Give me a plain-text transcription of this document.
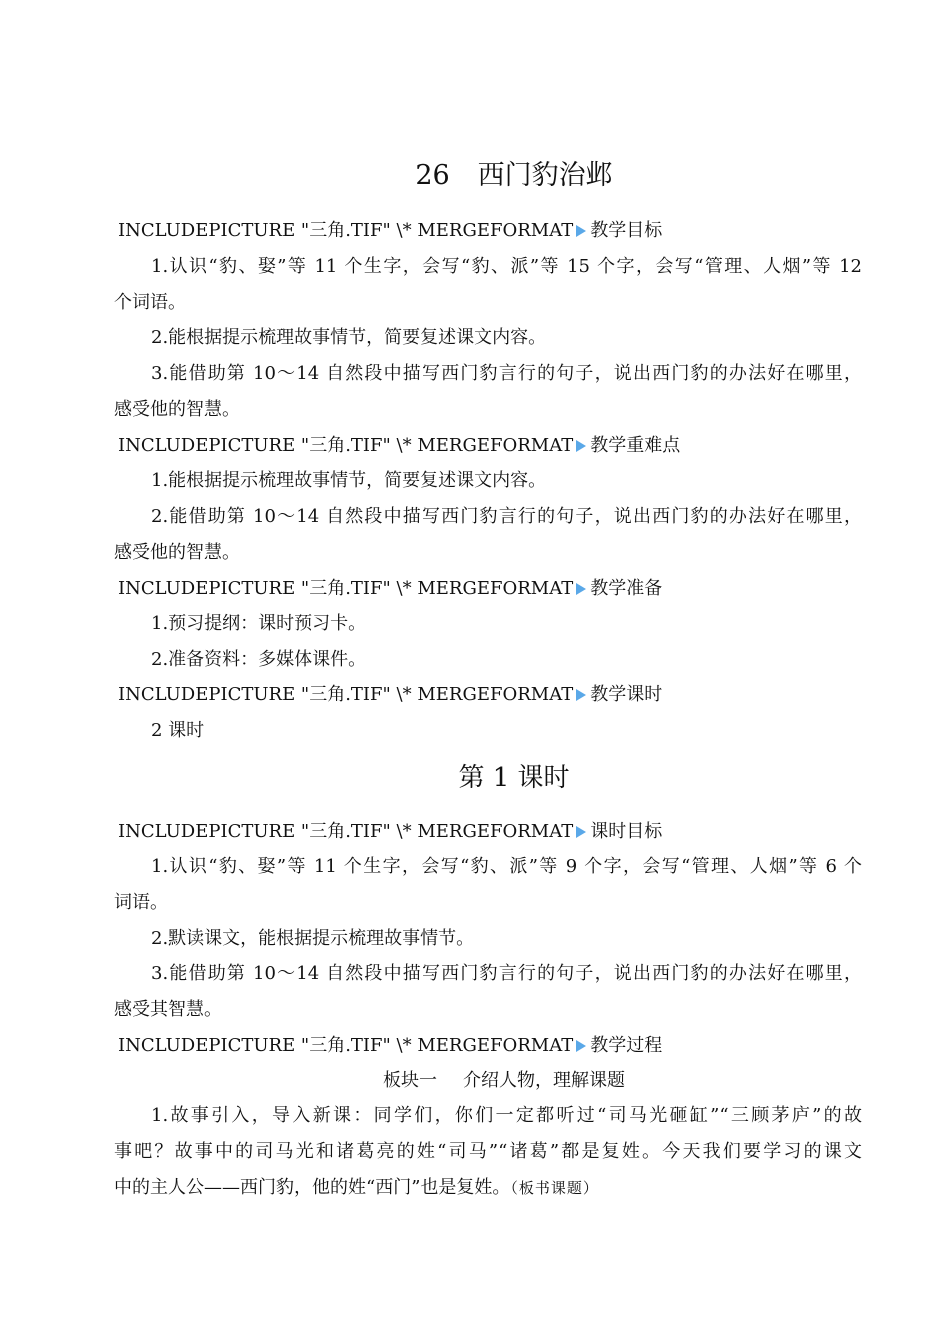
26 西门豹治邺
INCLUDEPICTURE "三角.TIF" \* MERGEFORMAT 教学目标
1.认识“豹、娶”等 11 个生字，会写“豹、派”等 15 个字，会写“管理、人烟”等 12
个词语。
2.能根据提示梳理故事情节，简要复述课文内容。
3.能借助第 10～14 自然段中描写西门豹言行的句子，说出西门豹的办法好在哪里，
感受他的智慧。
INCLUDEPICTURE "三角.TIF" \* MERGEFORMAT 教学重难点
1.能根据提示梳理故事情节，简要复述课文内容。
2.能借助第 10～14 自然段中描写西门豹言行的句子，说出西门豹的办法好在哪里，
感受他的智慧。
INCLUDEPICTURE "三角.TIF" \* MERGEFORMAT 教学准备
1.预习提纲：课时预习卡。
2.准备资料：多媒体课件。
INCLUDEPICTURE "三角.TIF" \* MERGEFORMAT 教学课时
2 课时
第 1 课时
INCLUDEPICTURE "三角.TIF" \* MERGEFORMAT 课时目标
1.认识“豹、娶”等 11 个生字，会写“豹、派”等 9 个字，会写“管理、人烟”等 6 个
词语。
2.默读课文，能根据提示梳理故事情节。
3.能借助第 10～14 自然段中描写西门豹言行的句子，说出西门豹的办法好在哪里，
感受其智慧。
INCLUDEPICTURE "三角.TIF" \* MERGEFORMAT 教学过程
板块一 介绍人物，理解课题
1.故事引入，导入新课：同学们，你们一定都听过“司马光砸缸”“三顾茅庐”的故
事吧？故事中的司马光和诸葛亮的姓“司马”“诸葛”都是复姓。今天我们要学习的课文
中的主人公——西门豹，他的姓“西门”也是复姓。（板书课题）
